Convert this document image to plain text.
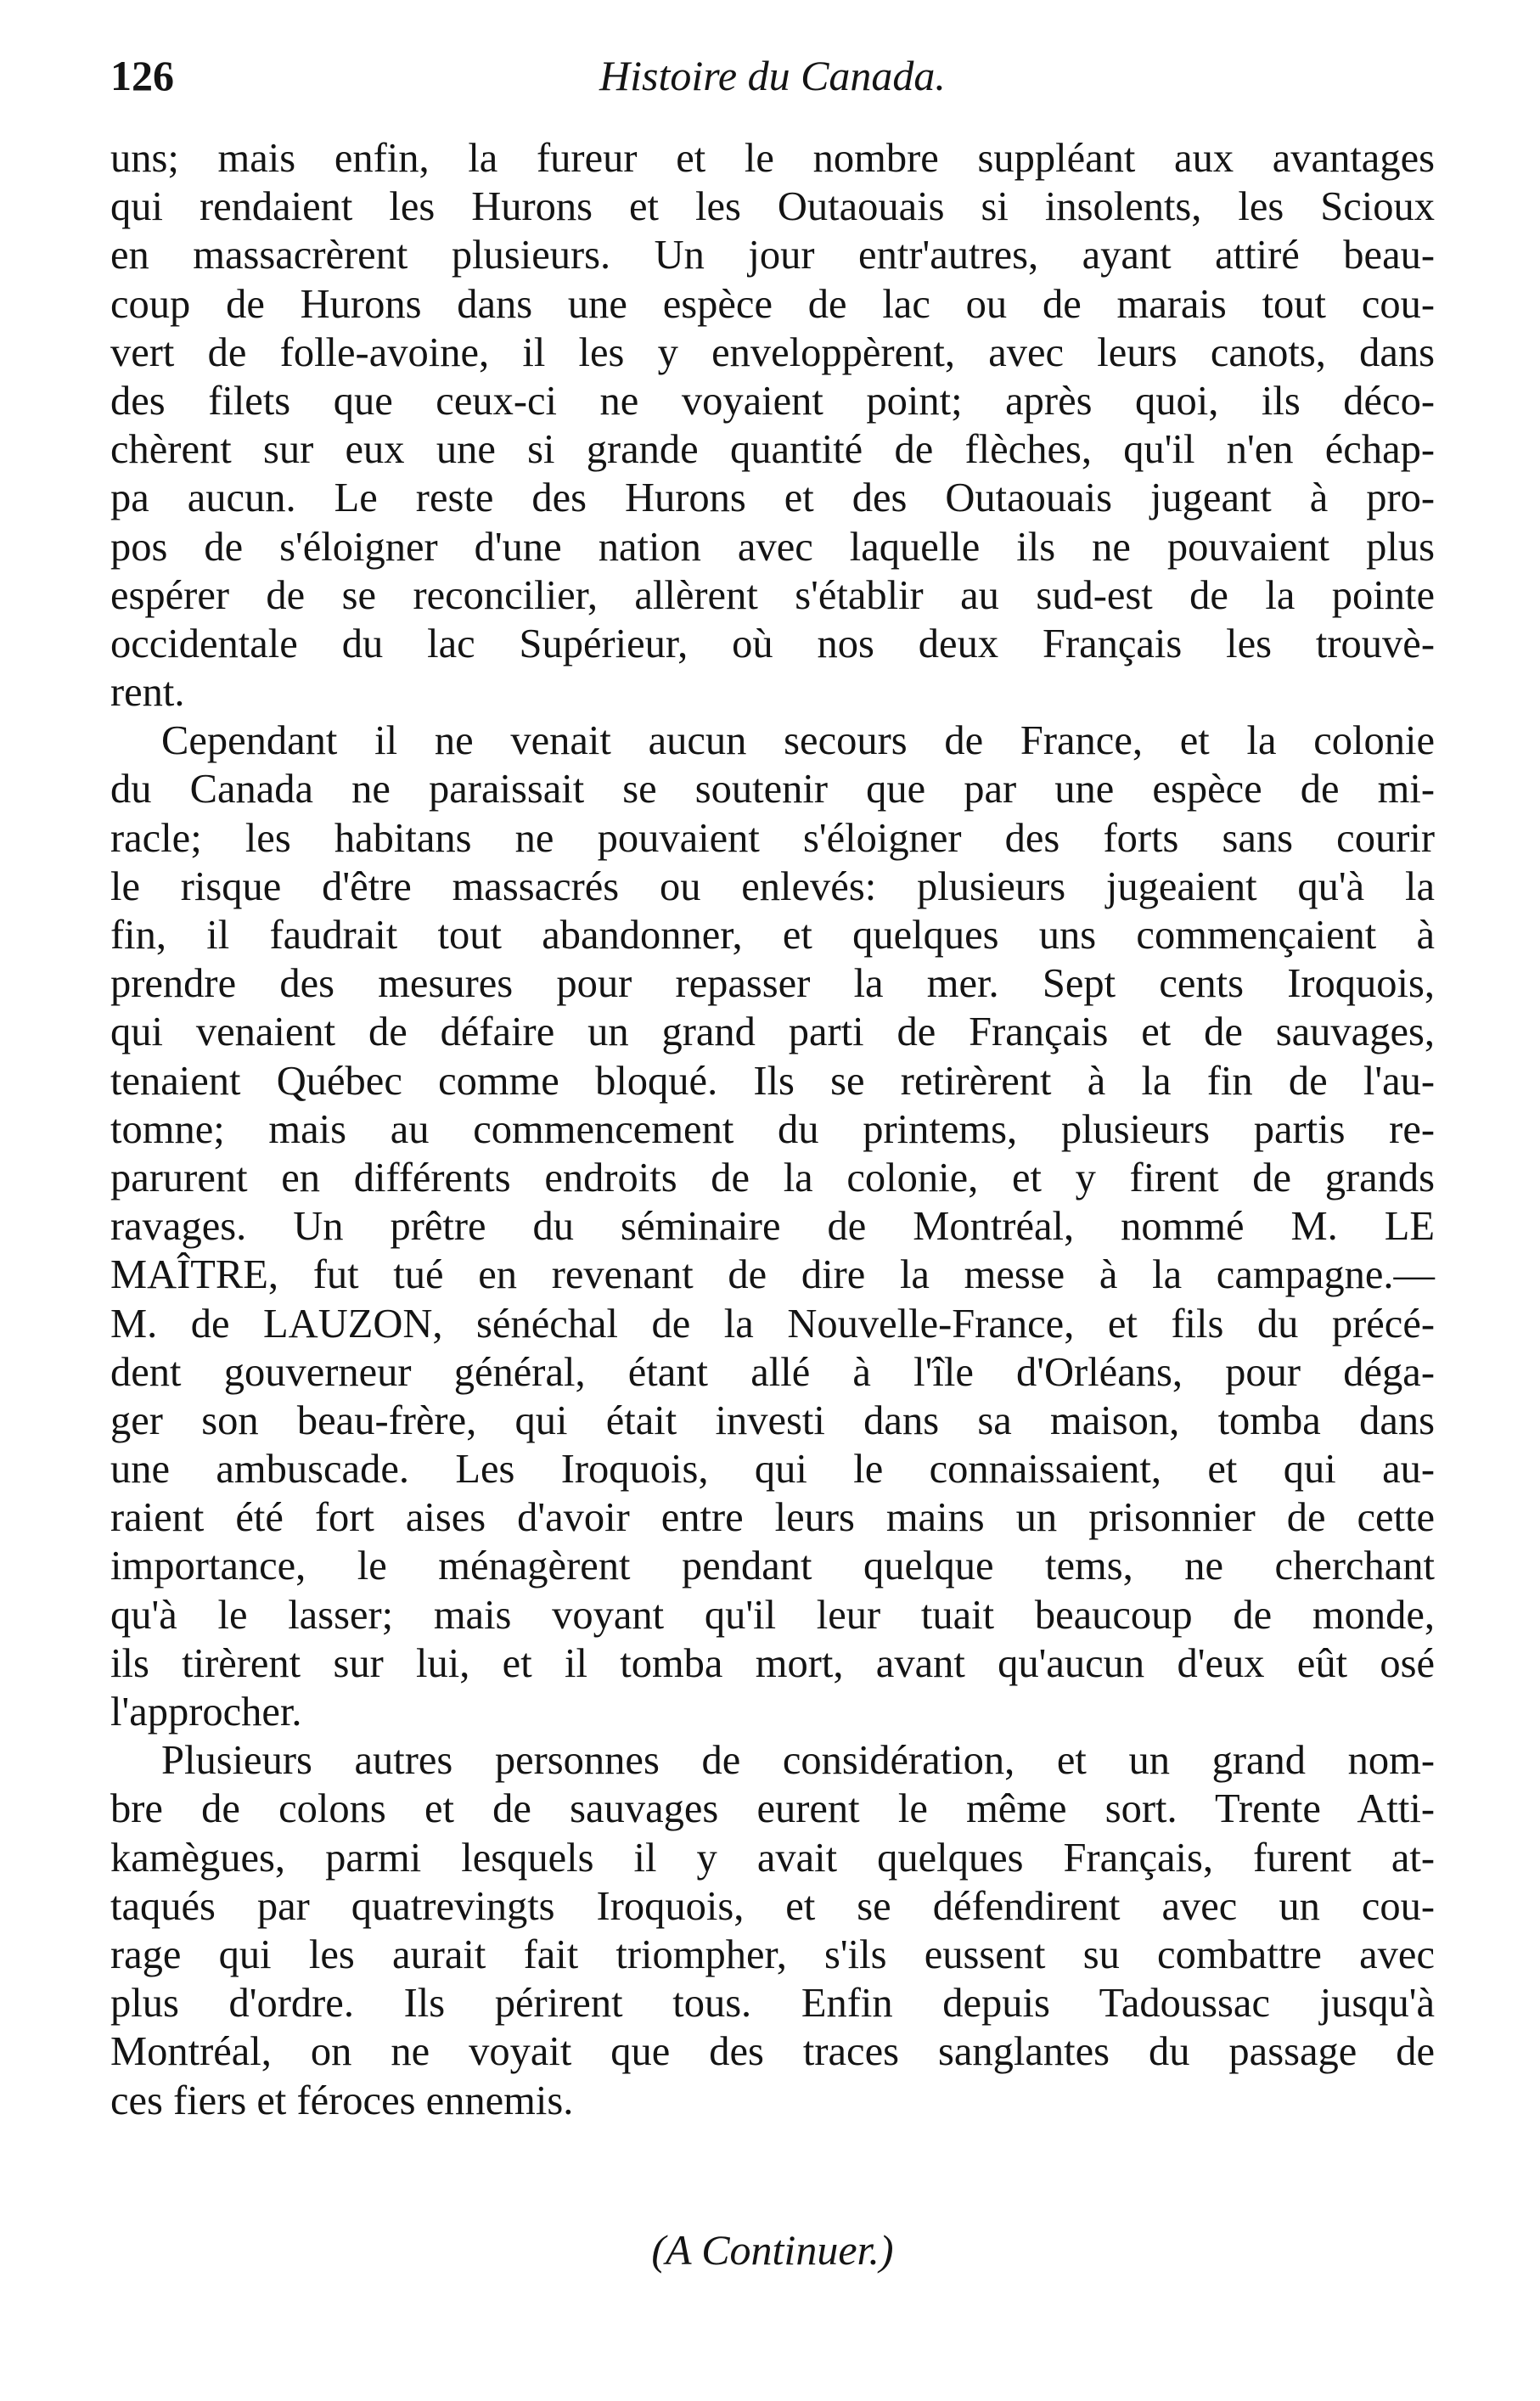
126	Histoire du Canada.
uns; mais enfin, la fureur et le nombre suppléant aux avantages
qui rendaient les Hurons et les Outaouais si insolents, les Scioux
en massacrèrent plusieurs. Un jour entr'autres, ayant attiré beau-
coup de Hurons dans une espèce de lac ou de marais tout cou-
vert de folle-avoine, il les y enveloppèrent, avec leurs canots, dans
des filets que ceux-ci ne voyaient point; après quoi, ils déco-
chèrent sur eux une si grande quantité de flèches, qu'il n'en échap-
pa aucun. Le reste des Hurons et des Outaouais jugeant à pro-
pos de s'éloigner d'une nation avec laquelle ils ne pouvaient plus
espérer de se reconcilier, allèrent s'établir au sud-est de la pointe
occidentale du lac Supérieur, où nos deux Français les trouvè-
rent.
Cependant il ne venait aucun secours de France, et la colonie
du Canada ne paraissait se soutenir que par une espèce de mi-
racle; les habitans ne pouvaient s'éloigner des forts sans courir
le risque d'être massacrés ou enlevés: plusieurs jugeaient qu'à la
fin, il faudrait tout abandonner, et quelques uns commençaient à
prendre des mesures pour repasser la mer. Sept cents Iroquois,
qui venaient de défaire un grand parti de Français et de sauvages,
tenaient Québec comme bloqué. Ils se retirèrent à la fin de l'au-
tomne; mais au commencement du printems, plusieurs partis re-
parurent en différents endroits de la colonie, et y firent de grands
ravages. Un prêtre du séminaire de Montréal, nommé M. LE
MAÎTRE, fut tué en revenant de dire la messe à la campagne.—
M. de LAUZON, sénéchal de la Nouvelle-France, et fils du précé-
dent gouverneur général, étant allé à l'île d'Orléans, pour déga-
ger son beau-frère, qui était investi dans sa maison, tomba dans
une ambuscade. Les Iroquois, qui le connaissaient, et qui au-
raient été fort aises d'avoir entre leurs mains un prisonnier de cette
importance, le ménagèrent pendant quelque tems, ne cherchant
qu'à le lasser; mais voyant qu'il leur tuait beaucoup de monde,
ils tirèrent sur lui, et il tomba mort, avant qu'aucun d'eux eût osé
l'approcher.
Plusieurs autres personnes de considération, et un grand nom-
bre de colons et de sauvages eurent le même sort. Trente Atti-
kamègues, parmi lesquels il y avait quelques Français, furent at-
taqués par quatrevingts Iroquois, et se défendirent avec un cou-
rage qui les aurait fait triompher, s'ils eussent su combattre avec
plus d'ordre. Ils périrent tous. Enfin depuis Tadoussac jusqu'à
Montréal, on ne voyait que des traces sanglantes du passage de
ces fiers et féroces ennemis.
(A Continuer.)
